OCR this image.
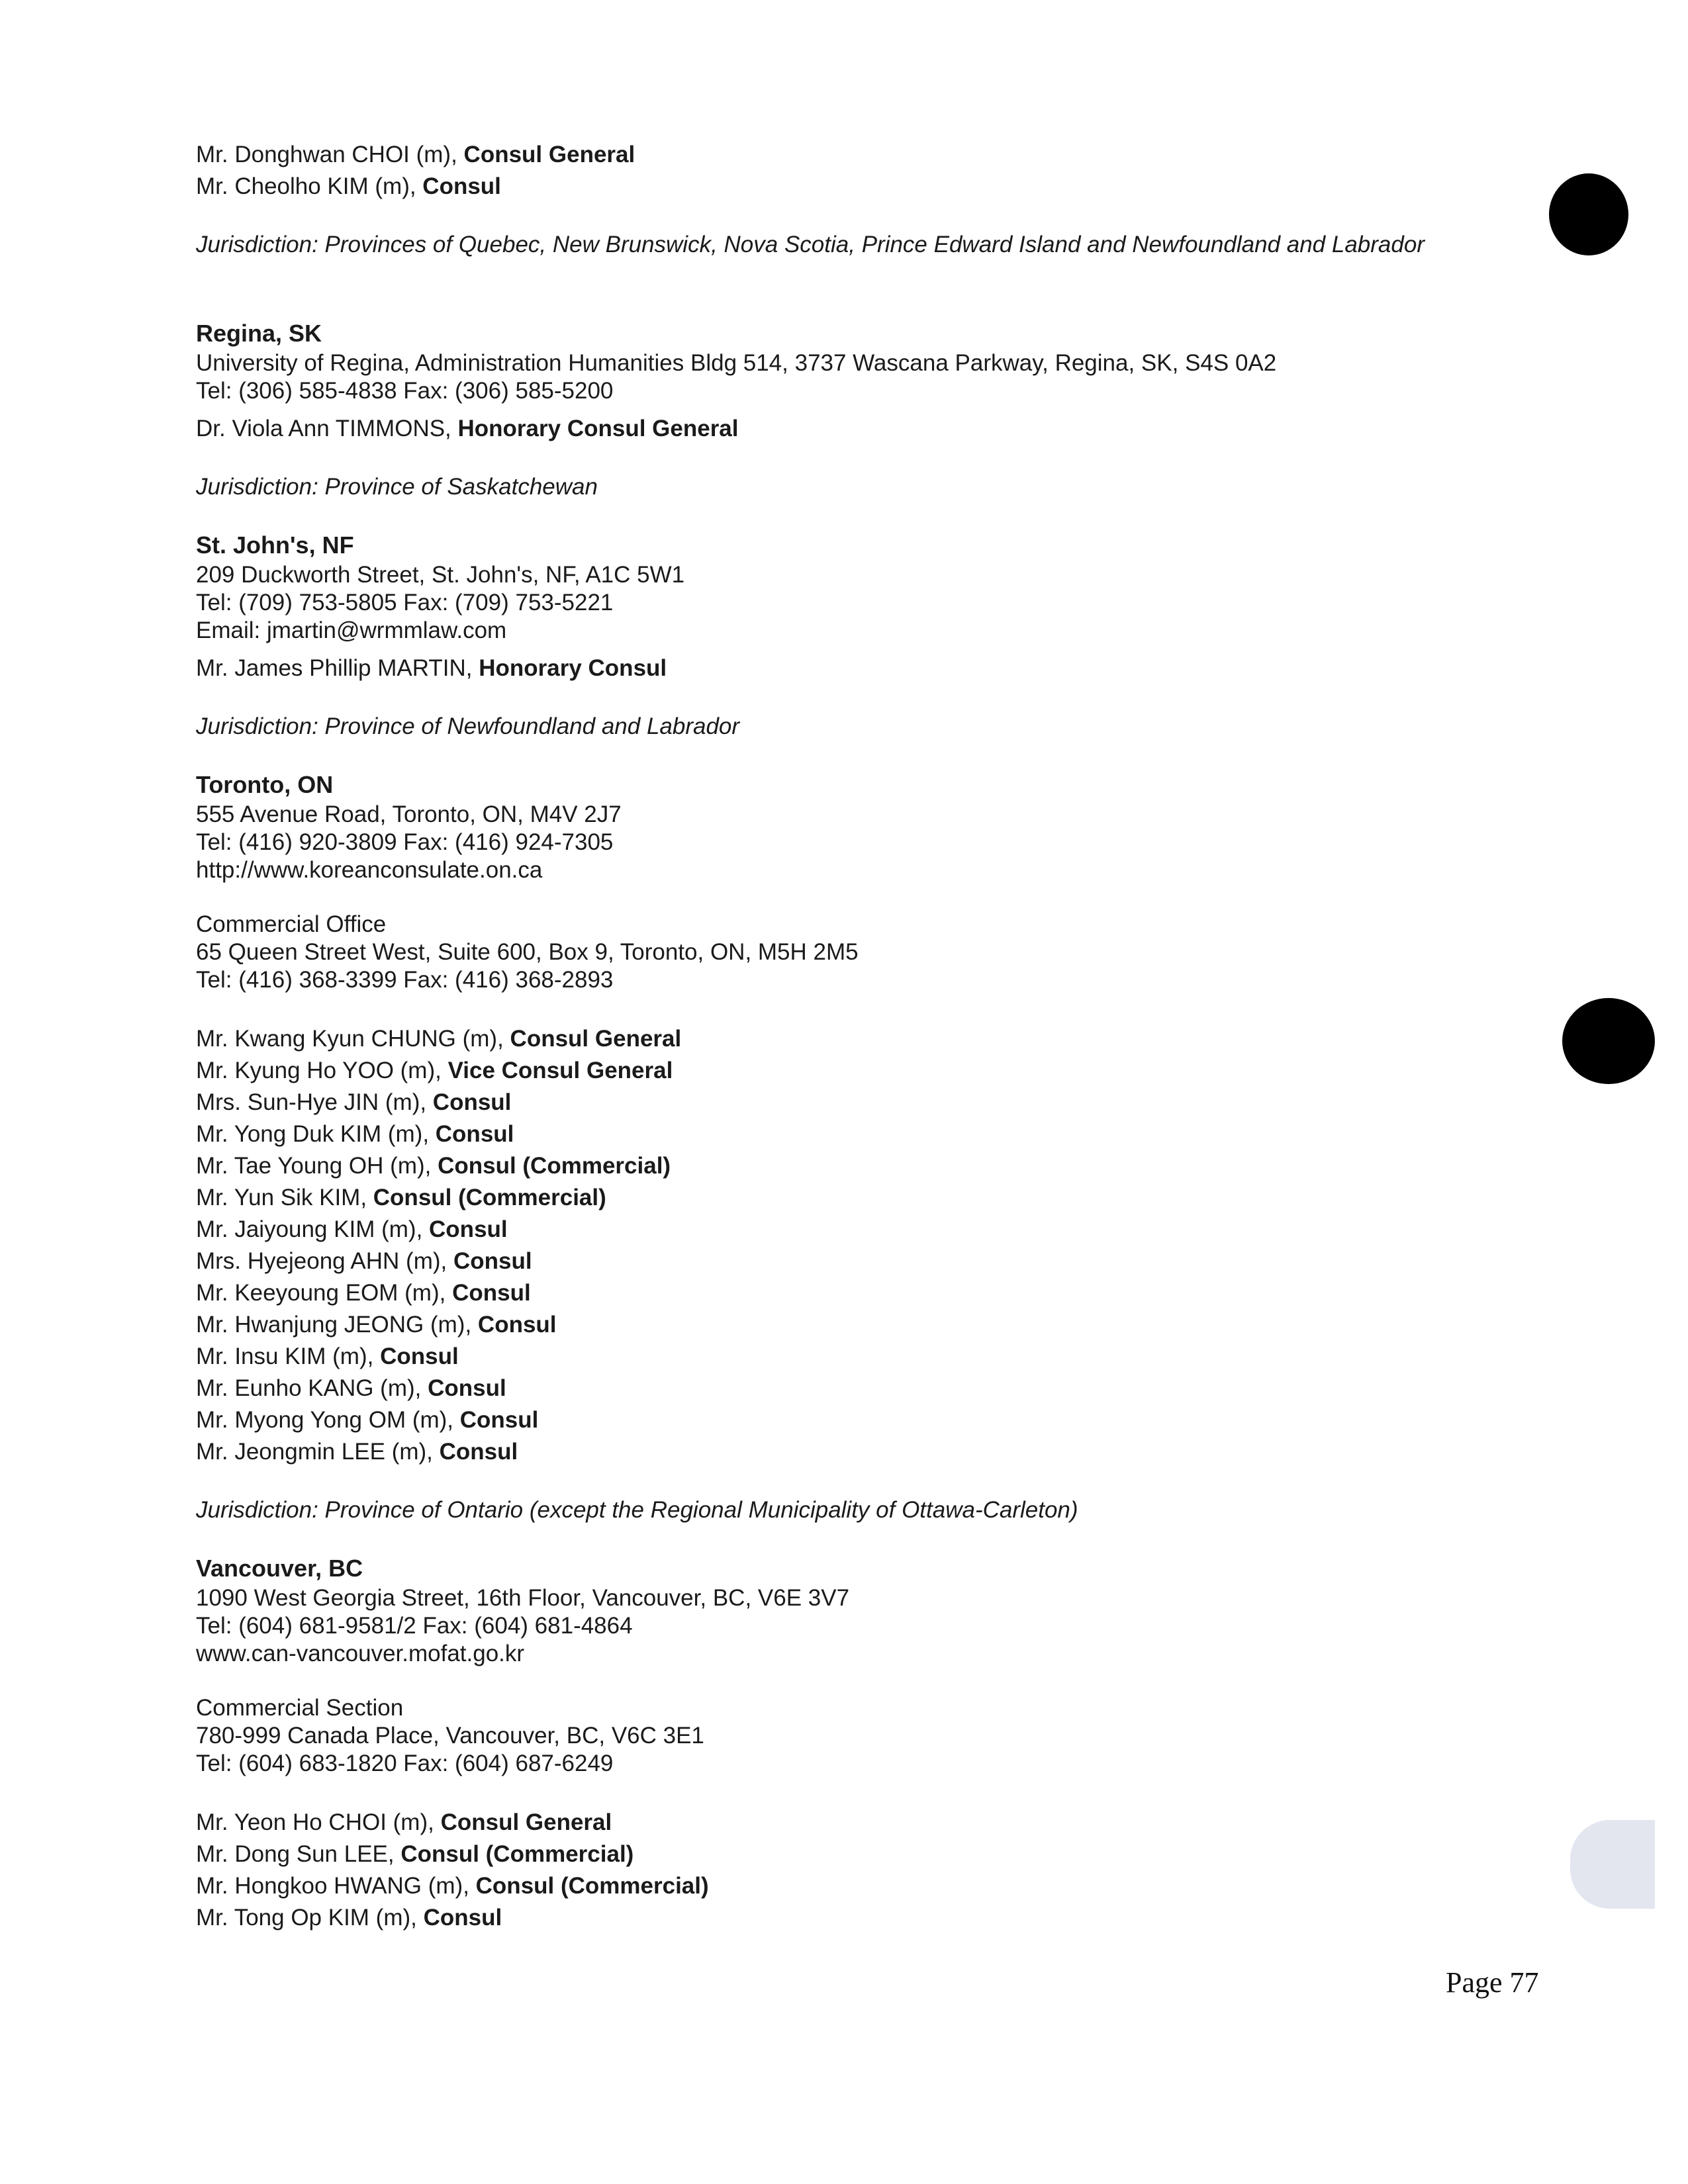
Mr. Donghwan CHOI (m), Consul General
Mr. Cheolho KIM (m), Consul
Jurisdiction: Provinces of Quebec, New Brunswick, Nova Scotia, Prince Edward Island and Newfoundland and Labrador
Regina, SK
University of Regina, Administration Humanities Bldg 514, 3737 Wascana Parkway, Regina, SK, S4S 0A2
Tel: (306) 585-4838 Fax: (306) 585-5200
Dr. Viola Ann TIMMONS, Honorary Consul General
Jurisdiction: Province of Saskatchewan
St. John's, NF
209 Duckworth Street, St. John's, NF, A1C 5W1
Tel: (709) 753-5805 Fax: (709) 753-5221
Email: jmartin@wrmmlaw.com
Mr. James Phillip MARTIN, Honorary Consul
Jurisdiction: Province of Newfoundland and Labrador
Toronto, ON
555 Avenue Road, Toronto, ON, M4V 2J7
Tel: (416) 920-3809 Fax: (416) 924-7305
http://www.koreanconsulate.on.ca
Commercial Office
65 Queen Street West, Suite 600, Box 9, Toronto, ON, M5H 2M5
Tel: (416) 368-3399 Fax: (416) 368-2893
Mr. Kwang Kyun CHUNG (m), Consul General
Mr. Kyung Ho YOO (m), Vice Consul General
Mrs. Sun-Hye JIN (m), Consul
Mr. Yong Duk KIM (m), Consul
Mr. Tae Young OH (m), Consul (Commercial)
Mr. Yun Sik KIM, Consul (Commercial)
Mr. Jaiyoung KIM (m), Consul
Mrs. Hyejeong AHN (m), Consul
Mr. Keeyoung EOM (m), Consul
Mr. Hwanjung JEONG (m), Consul
Mr. Insu KIM (m), Consul
Mr. Eunho KANG (m), Consul
Mr. Myong Yong OM (m), Consul
Mr. Jeongmin LEE (m), Consul
Jurisdiction: Province of Ontario (except the Regional Municipality of Ottawa-Carleton)
Vancouver, BC
1090 West Georgia Street, 16th Floor, Vancouver, BC, V6E 3V7
Tel: (604) 681-9581/2 Fax: (604) 681-4864
www.can-vancouver.mofat.go.kr
Commercial Section
780-999 Canada Place, Vancouver, BC, V6C 3E1
Tel: (604) 683-1820 Fax: (604) 687-6249
Mr. Yeon Ho CHOI (m), Consul General
Mr. Dong Sun LEE, Consul (Commercial)
Mr. Hongkoo HWANG (m), Consul (Commercial)
Mr. Tong Op KIM (m), Consul
Page 77
